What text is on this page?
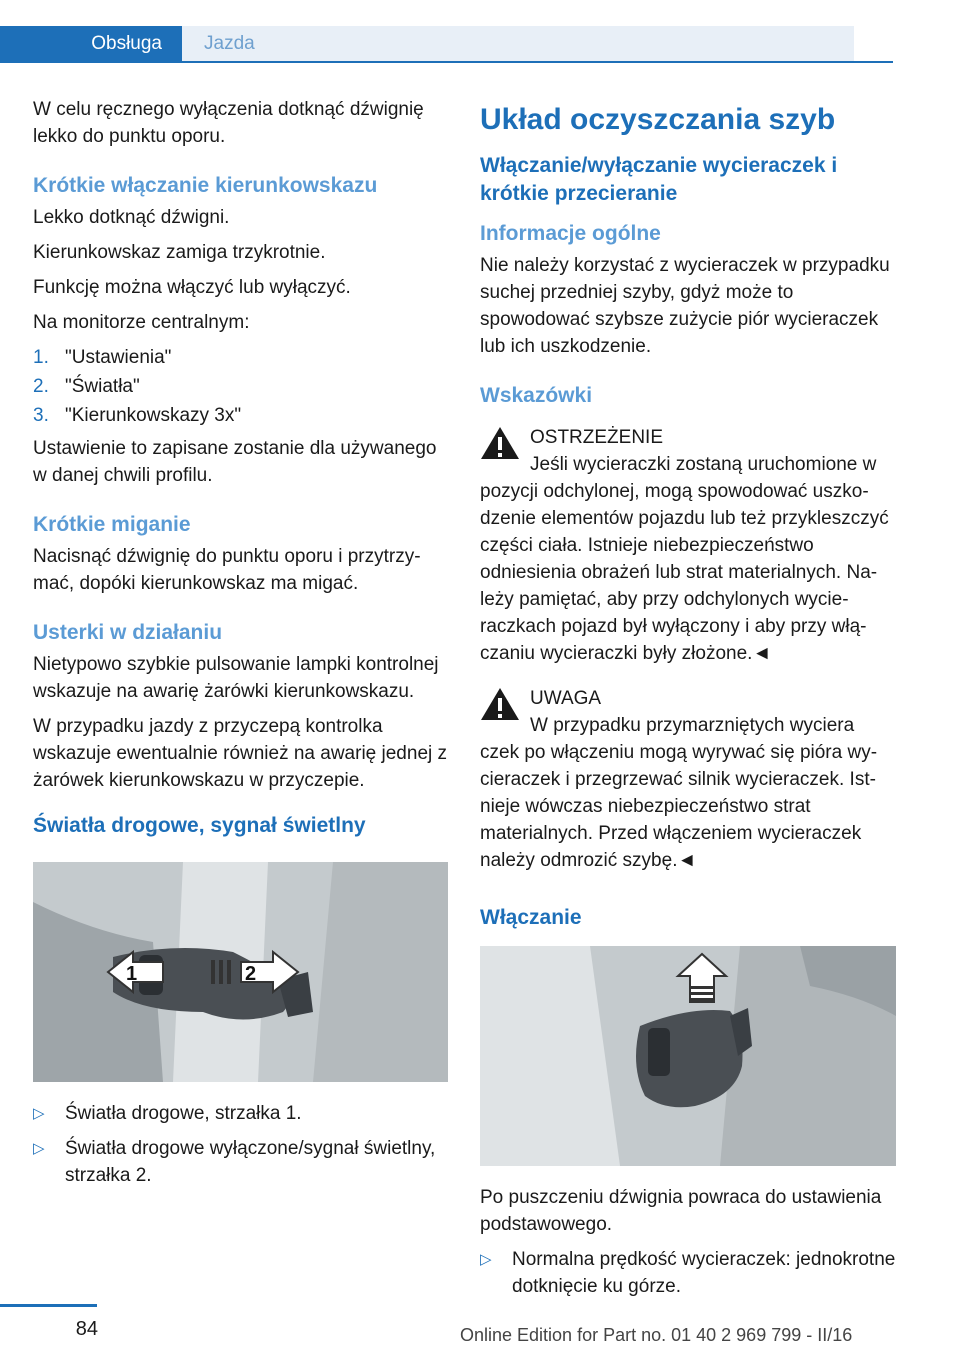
Obsługa	Jazda

W celu ręcznego wyłączenia dotknąć dźwignię lekko do punktu oporu.

Krótkie włączanie kierunkowskazu

Lekko dotknąć dźwigni.

Kierunkowskaz zamiga trzykrotnie.

Funkcję można włączyć lub wyłączyć.

Na monitorze centralnym:

1. "Ustawienia"
2. "Światła"
3. "Kierunkowskazy 3x"

Ustawienie to zapisane zostanie dla używanego w danej chwili profilu.

Krótkie miganie

Nacisnąć dźwignię do punktu oporu i przytrzymać, dopóki kierunkowskaz ma migać.

Usterki w działaniu

Nietypowo szybkie pulsowanie lampki kontrolnej wskazuje na awarię żarówki kierunkowskazu.

W przypadku jazdy z przyczepą kontrolka wskazuje ewentualnie również na awarię jednej z żarówek kierunkowskazu w przyczepie.

Światła drogowe, sygnał świetlny
1	2
▷	Światła drogowe, strzałka 1.
▷	Światła drogowe wyłączone/sygnał świetlny, strzałka 2.
Układ oczyszczania szyb
Włączanie/wyłączanie wycieraczek i krótkie przecieranie
Informacje ogólne

Nie należy korzystać z wycieraczek w przypadku suchej przedniej szyby, gdyż może to spowodować szybsze zużycie piór wycieraczek lub ich uszkodzenie.

Wskazówki
OSTRZEŻENIE
Jeśli wycieraczki zostaną uruchomione w
pozycji odchylonej, mogą spowodować uszkodzenie elementów pojazdu lub też przykleszczyć części ciała. Istnieje niebezpieczeństwo odniesienia obrażeń lub strat materialnych. Należy pamiętać, aby przy odchylonych wycieraczkach pojazd był wyłączony i aby przy włączaniu wycieraczki były złożone.◄
UWAGA
W przypadku przymarzniętych wyciera
czek po włączeniu mogą wyrywać się pióra wycieraczek i przegrzewać silnik wycieraczek. Istnieje wówczas niebezpieczeństwo strat materialnych. Przed włączeniem wycieraczek należy odmrozić szybę.◄
Włączanie

Po puszczeniu dźwignia powraca do ustawienia podstawowego.

▷	Normalna prędkość wycieraczek: jednokrotne dotknięcie ku górze.
84	Online Edition for Part no. 01 40 2 969 799 - II/16
